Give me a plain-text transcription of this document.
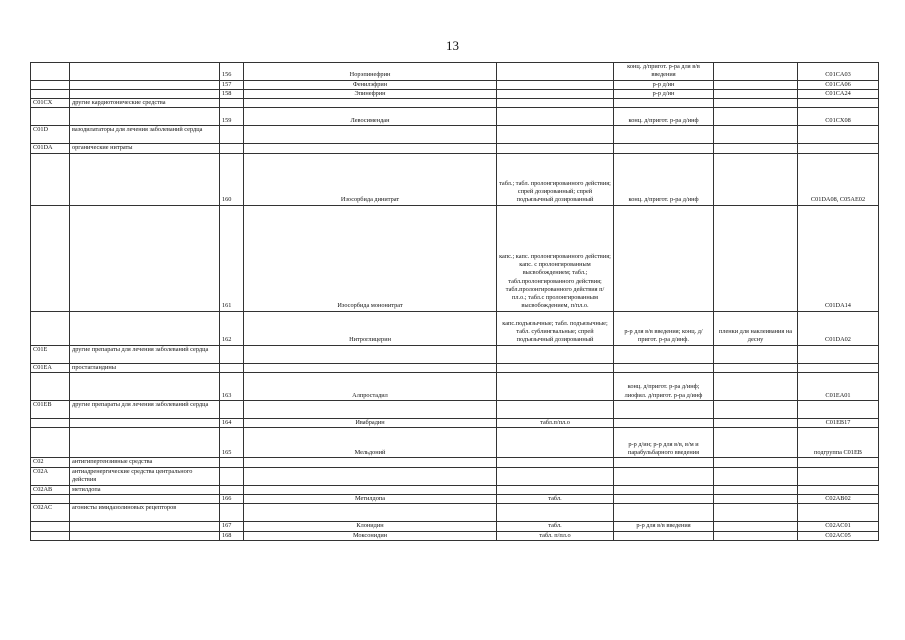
13
		156	Норэпинефрин		конц. д/пригот. р-ра для в/в введения		C01CA03
		157	Фенилэфрин		р-р д/ин		C01CA06
		158	Эпинефрин		р-р д/ин		C01CA24
C01CX	другие кардиотонические средства						
		159	Левосимендан		конц. д/пригот. р-ра д/инф		C01CX08
C01D	вазодилататоры для лечения заболеваний сердца						
C01DA	органические нитраты						
		160	Изосорбида динитрат	табл.; табл. пролонгированного действия; спрей дозированный; спрей подъязычный дозированный	конц. д/пригот. р-ра д/инф		C01DA08, C05AE02
		161	Изосорбида мононитрат	капс.; капс. пролонгированного действия; капс. с пролонгированным высвобождением; табл.; табл.пролонгированного действия; табл.пролонгированного действия п/пл.о.; табл.с пролонгированным высвобождением, п/пл.о.			C01DA14
		162	Нитроглицерин	капс.подъязычные; табл. подъязычные; табл. сублингвальные; спрей подъязычный дозированный	р-р для в/в введения; конц. д/пригот. р-ра д/инф.	пленки для наклеивания на десну	C01DA02
C01E	другие препараты для лечения заболеваний сердца						
C01EA	простагландины						
		163	Алпростадил		конц. д/пригот. р-ра д/инф; лиофил. д/пригот. р-ра д/инф		C01EA01
C01EB	другие препараты для лечения заболеваний сердца						
		164	Ивабрадин	табл.п/пл.о			C01EB17
		165	Мельдоний		р-р д/ин; р-р для в/в, в/м и парабульбарного введения		подгруппа C01EB
C02	антигипертензивные средства						
C02A	антиадренергические средства центрального действия						
C02AB	метилдопа						
		166	Метилдопа	табл.			C02AB02
C02AC	агонисты имидазолиновых рецепторов						
		167	Клонидин	табл.	р-р для в/в введения		C02AC01
		168	Моксонидин	табл. п/пл.о			C02AC05
